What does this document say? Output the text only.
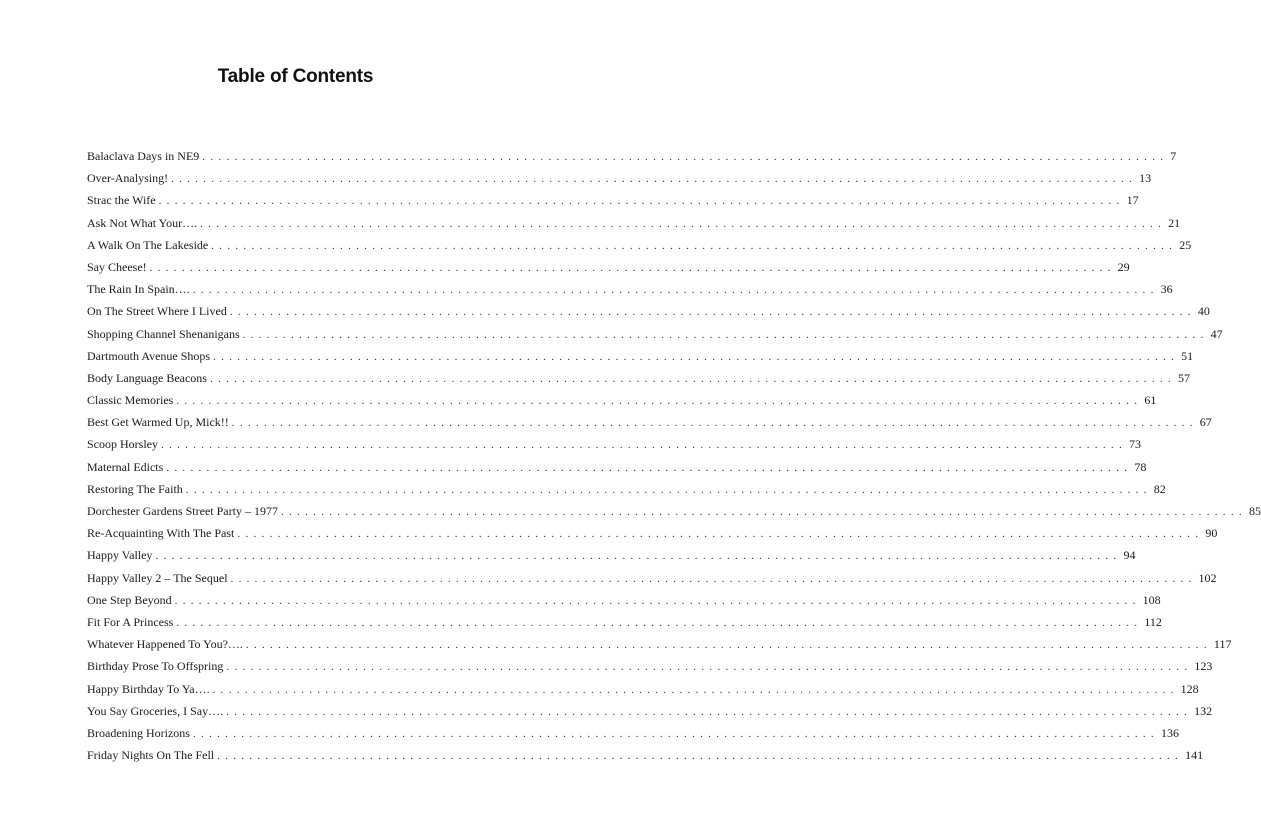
Table of Contents
Balaclava Days in NE9 ........................................................................................................................ 7
Over-Analysing! ........................................................................................................................ 13
Strac the Wife ........................................................................................................................ 17
Ask Not What Your…. ........................................................................................................................ 21
A Walk On The Lakeside ........................................................................................................................ 25
Say Cheese! ........................................................................................................................ 29
The Rain In Spain…. ........................................................................................................................ 36
On The Street Where I Lived ........................................................................................................................ 40
Shopping Channel Shenanigans ........................................................................................................................ 47
Dartmouth Avenue Shops ........................................................................................................................ 51
Body Language Beacons ........................................................................................................................ 57
Classic Memories ........................................................................................................................ 61
Best Get Warmed Up, Mick!! ........................................................................................................................ 67
Scoop Horsley ........................................................................................................................ 73
Maternal Edicts ........................................................................................................................ 78
Restoring The Faith ........................................................................................................................ 82
Dorchester Gardens Street Party – 1977 ........................................................................................................................ 85
Re-Acquainting With The Past ........................................................................................................................ 90
Happy Valley ........................................................................................................................ 94
Happy Valley 2 – The Sequel ........................................................................................................................ 102
One Step Beyond ........................................................................................................................ 108
Fit For A Princess ........................................................................................................................ 112
Whatever Happened To You?…. ........................................................................................................................ 117
Birthday Prose To Offspring ........................................................................................................................ 123
Happy Birthday To Ya…. ........................................................................................................................ 128
You Say Groceries, I Say…. ........................................................................................................................ 132
Broadening Horizons ........................................................................................................................ 136
Friday Nights On The Fell ........................................................................................................................ 141
